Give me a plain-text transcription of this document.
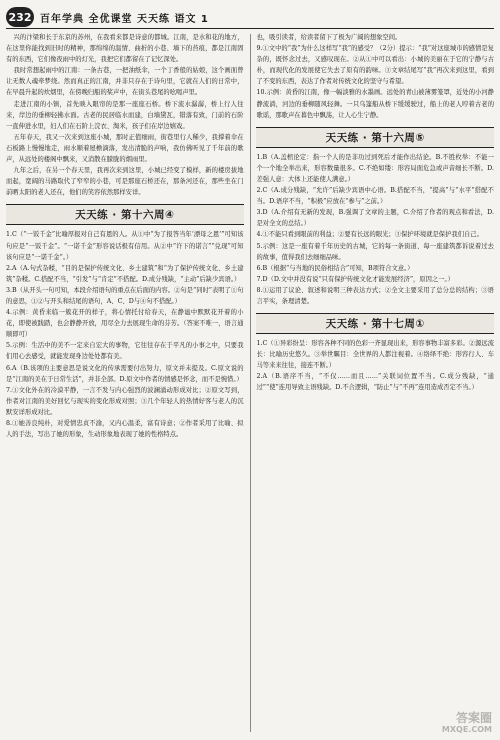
232 百年学典 全优课堂 天天练 语文 1

兴的汴梁和长于东京的苏州，在我看来都是诗意的都城。江南，是水和花的地方，在这里你能找到旧时的精神，那绵绵的温情、曲折的小巷、墙下的苔痕，都是江南固有的东西，它们像夜雨中的灯光，我把它们都留在了记忆深处。

我时常想起雨中的江南：一条古巷，一把油纸伞，一个丁香般的姑娘，这个画面曾让无数人魂牵梦绕。然而真正的江南，并非只存在于诗句里，它就在人们的日常中，在早晨升起的炊烟里，在傍晚归船的桨声中，在街头巷尾的吆喝声里。

走进江南的小镇，首先映入眼帘的是那一座座石桥。桥下流水潺潺，桥上行人往来，岸边的垂柳轻拂水面。古老的民居临水而建，白墙黛瓦，错落有致，门前的石阶一直伸进水里，妇人们在石阶上浣衣、淘米，孩子们在岸边嬉戏。

五年春天，我又一次来到这座小城，那时正值细雨，街巷里行人稀少，我撑着伞在石板路上慢慢地走，雨水顺着屋檐滴落，发出清脆的声响，我仿佛听见了千年前的歌声，从远处的楼阁中飘来，又消散在朦胧的烟雨里。

九年之后，在另一个春天里，我再次来到这里，小城已经变了模样，新的楼房拔地而起，宽阔的马路取代了窄窄的小巷，可是那座石桥还在，那条河还在，那些坐在门前晒太阳的老人还在，他们的笑容依然那样安详。

天天练 · 第十六周④

1.C（“一饭千金”比喻厚报对自己有恩的人。从①中“为了报答当年‘漂母之恩’”可知该句应是“一饭千金”。“一诺千金”形容说话极有信用。从②中“许下的诺言”“兑现”可知该句应是“一诺千金”。）

2.A（A.句式杂糅，“目的是保护传统文化、乡土建筑”和“为了保护传统文化、乡土建筑”杂糅。C.搭配不当，“引发”与“肯定”不搭配。D.成分残缺，“主动”后缺少宾语。）

3.B（从开头一句可知，本段介绍语句的重点在后面的内容。②句是“同时”表明了①句的意思，①②与开头和结尾的语句，A、C、D与④句不搭配。）

4.示例：黄昏来临一簇花开的样子，将心情托付给春天，在静谧中默默花开着的小花，即使被践踏，也会静静开放，用尽全力去展现生命的芬芳。（答案不唯一，语言通顺即可）

5.示例：生活中的美不一定来自宏大的事物，它往往存在于平凡的小事之中，只要我们用心去感受，就能发现身边处处都有美。

6.A（B.该项的主要意思是说文化的传承需要付出努力，原文并未提及。C.原文说的是“江南的美在于日常生活”，并非全部。D.原文中作者的情感是怀念，而不是惋惜。）

7.①文化外在的冷漠平静，一言不发与内心强烈的波澜涌动形成对比；②原文写到，作者对江南的美好回忆与现实的变化形成对照；③几个年轻人的热情好客与老人的沉默安详形成对比。

8.①她善良纯朴，对爱情忠贞不渝，又内心温柔，富有诗意；②作者采用了比喻、拟人的手法，写出了她的形象，生动形象地表现了她的性格特点。

也，吸引读者，给读者留下了极为广阔的想象空间。

9.①文中的“我”为什么这样写“我”的感受？（2分）提示：“我”对这座城市的感情是复杂的，既怀念过去，又感叹现在。②从①中可以看出：小城的美丽在于它的宁静与古朴，而现代化的发展使它失去了原有的韵味。③文章结尾写“我”再次来到这里，看到了不变的东西，表达了作者对传统文化的坚守与希望。

10.示例：黄昏的江南，像一幅淡雅的水墨画。远处的青山被薄雾笼罩，近处的小河静静流淌，河边的垂柳随风轻舞。一只乌篷船从桥下缓缓驶过，船上的老人哼着古老的歌谣，那歌声在暮色中飘荡，让人心生宁静。

天天练 · 第十六周⑤

1.B（A.盖棺论定：指一个人的是非功过到死后才能作出结论。B.不胜枚举：不能一个一个地全举出来，形容数量很多。C.不绝如缕：形容局面危急或声音细长不断。D.差强人意：大体上还能使人满意。）

2.C（A.成分残缺，“允许”后缺少宾语中心语。B.搭配不当，“提高”与“水平”搭配不当。D.语序不当，“积极”应放在“参与”之前。）

3.D（A.介绍有无新的发现，B.强调了文章的主题，C.介绍了作者的观点和看法，D.是对全文的总结。）

4.①不能只看到眼前的利益；②要有长远的眼光；③保护环境就是保护我们自己。

5.示例：这是一座有着千年历史的古城，它的每一条街道、每一座建筑都诉说着过去的故事，值得我们去细细品味。

6.B（根据“与当地的民俗相结合”可知，B项符合文意。）

7.D（D.文中并没有说“只有保护传统文化才能发展经济”，原因之一。）

8.①运用了议论、叙述和说明三种表达方式；②全文主要采用了总分总的结构；③语言平实，条理清楚。

天天练 · 第十七周①

1.C（①异彩纷呈：形容各种不同的色彩一齐显现出来，形容事物丰富多彩。②源远流长：比喻历史悠久。③举世瞩目：全世界的人都注视着。④络绎不绝：形容行人、车马等来来往往，接连不断。）

2.A（B.语序不当，“不仅……而且……”关联词位置不当。C.成分残缺，“通过”“使”连用导致主语残缺。D.不合逻辑，“防止”与“不再”连用造成否定不当。）

答案圈
MXQE.COM
